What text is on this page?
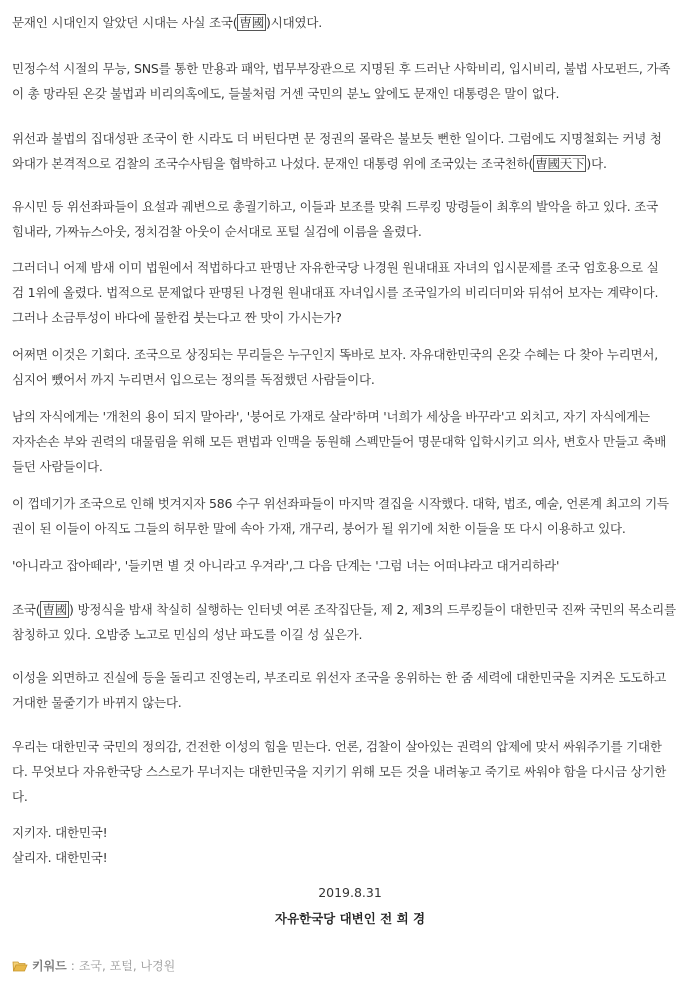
문재인 시대인지 알았던 시대는 사실 조국( 曺國 )시대였다.

민정수석 시절의 무능, SNS를 통한 만용과 패악, 법무부장관으로 지명된 후 드러난 사학비리, 입시비리, 불법 사모펀드, 가족
이 총 망라된 온갖 불법과 비리의혹에도, 들불처럼 거센 국민의 분노 앞에도 문재인 대통령은 말이 없다.

위선과 불법의 집대성판 조국이 한 시라도 더 버틴다면 문 정권의 몰락은 불보듯 뻔한 일이다. 그럼에도 지명철회는 커녕 청
와대가 본격적으로 검찰의 조국수사팀을 협박하고 나섰다. 문재인 대통령 위에 조국있는 조국천하( 曺國天下 )다.

유시민 등 위선좌파들이 요설과 궤변으로 총궐기하고, 이들과 보조를 맞춰 드루킹 망령들이 최후의 발악을 하고 있다. 조국
힘내라, 가짜뉴스아웃, 정치검찰 아웃이 순서대로 포털 실검에 이름을 올렸다.

그러더니 어제 밤새 이미 법원에서 적법하다고 판명난 자유한국당 나경원 원내대표 자녀의 입시문제를 조국 엄호용으로 실
검 1위에 올렸다. 법적으로 문제없다 판명된 나경원 원내대표 자녀입시를 조국일가의 비리더미와 뒤섞어 보자는 계략이다.
그러나 소금투성이 바다에 물한컵 붓는다고 짠 맛이 가시는가?

어쩌면 이것은 기회다. 조국으로 상징되는 무리들은 누구인지 똑바로 보자. 자유대한민국의 온갖 수혜는 다 찾아 누리면서,
심지어 뺐어서 까지 누리면서 입으로는 정의를 독점했던 사람들이다.

남의 자식에게는 '개천의 용이 되지 말아라', '붕어로 가재로 살라'하며 '너희가 세상을 바꾸라'고 외치고, 자기 자식에게는
자자손손 부와 권력의 대물림을 위해 모든 편법과 인맥을 동원해 스펙만들어 명문대학 입학시키고 의사, 변호사 만들고 축배
들던 사람들이다.

이 껍데기가 조국으로 인해 벗겨지자 586 수구 위선좌파들이 마지막 결집을 시작했다. 대학, 법조, 예술, 언론계 최고의 기득
권이 된 이들이 아직도 그들의 허무한 말에 속아 가재, 개구리, 붕어가 될 위기에 처한 이들을 또 다시 이용하고 있다.

'아니라고 잡아떼라', '들키면 별 것 아니라고 우겨라',그 다음 단계는 '그럼 너는 어떠냐라고 대거리하라'

조국( 曺國 ) 방정식을 밤새 착실히 실행하는 인터넷 여론 조작집단들, 제 2, 제3의 드루킹들이 대한민국 진짜 국민의 목소리를
참칭하고 있다. 오밤중 노고로 민심의 성난 파도를 이길 성 싶은가.

이성을 외면하고 진실에 등을 돌리고 진영논리, 부조리로 위선자 조국을 옹위하는 한 줌 세력에 대한민국을 지켜온 도도하고
거대한 물줄기가 바뀌지 않는다.

우리는 대한민국 국민의 정의감, 건전한 이성의 힘을 믿는다. 언론, 검찰이 살아있는 권력의 압제에 맞서 싸워주기를 기대한
다. 무엇보다 자유한국당 스스로가 무너지는 대한민국을 지키기 위해 모든 것을 내려놓고 죽기로 싸워야 함을 다시금 상기한
다.

지키자. 대한민국!
살리자. 대한민국!

2019.8.31
자유한국당 대변인 전 희 경
키워드 : 조국, 포털, 나경원
